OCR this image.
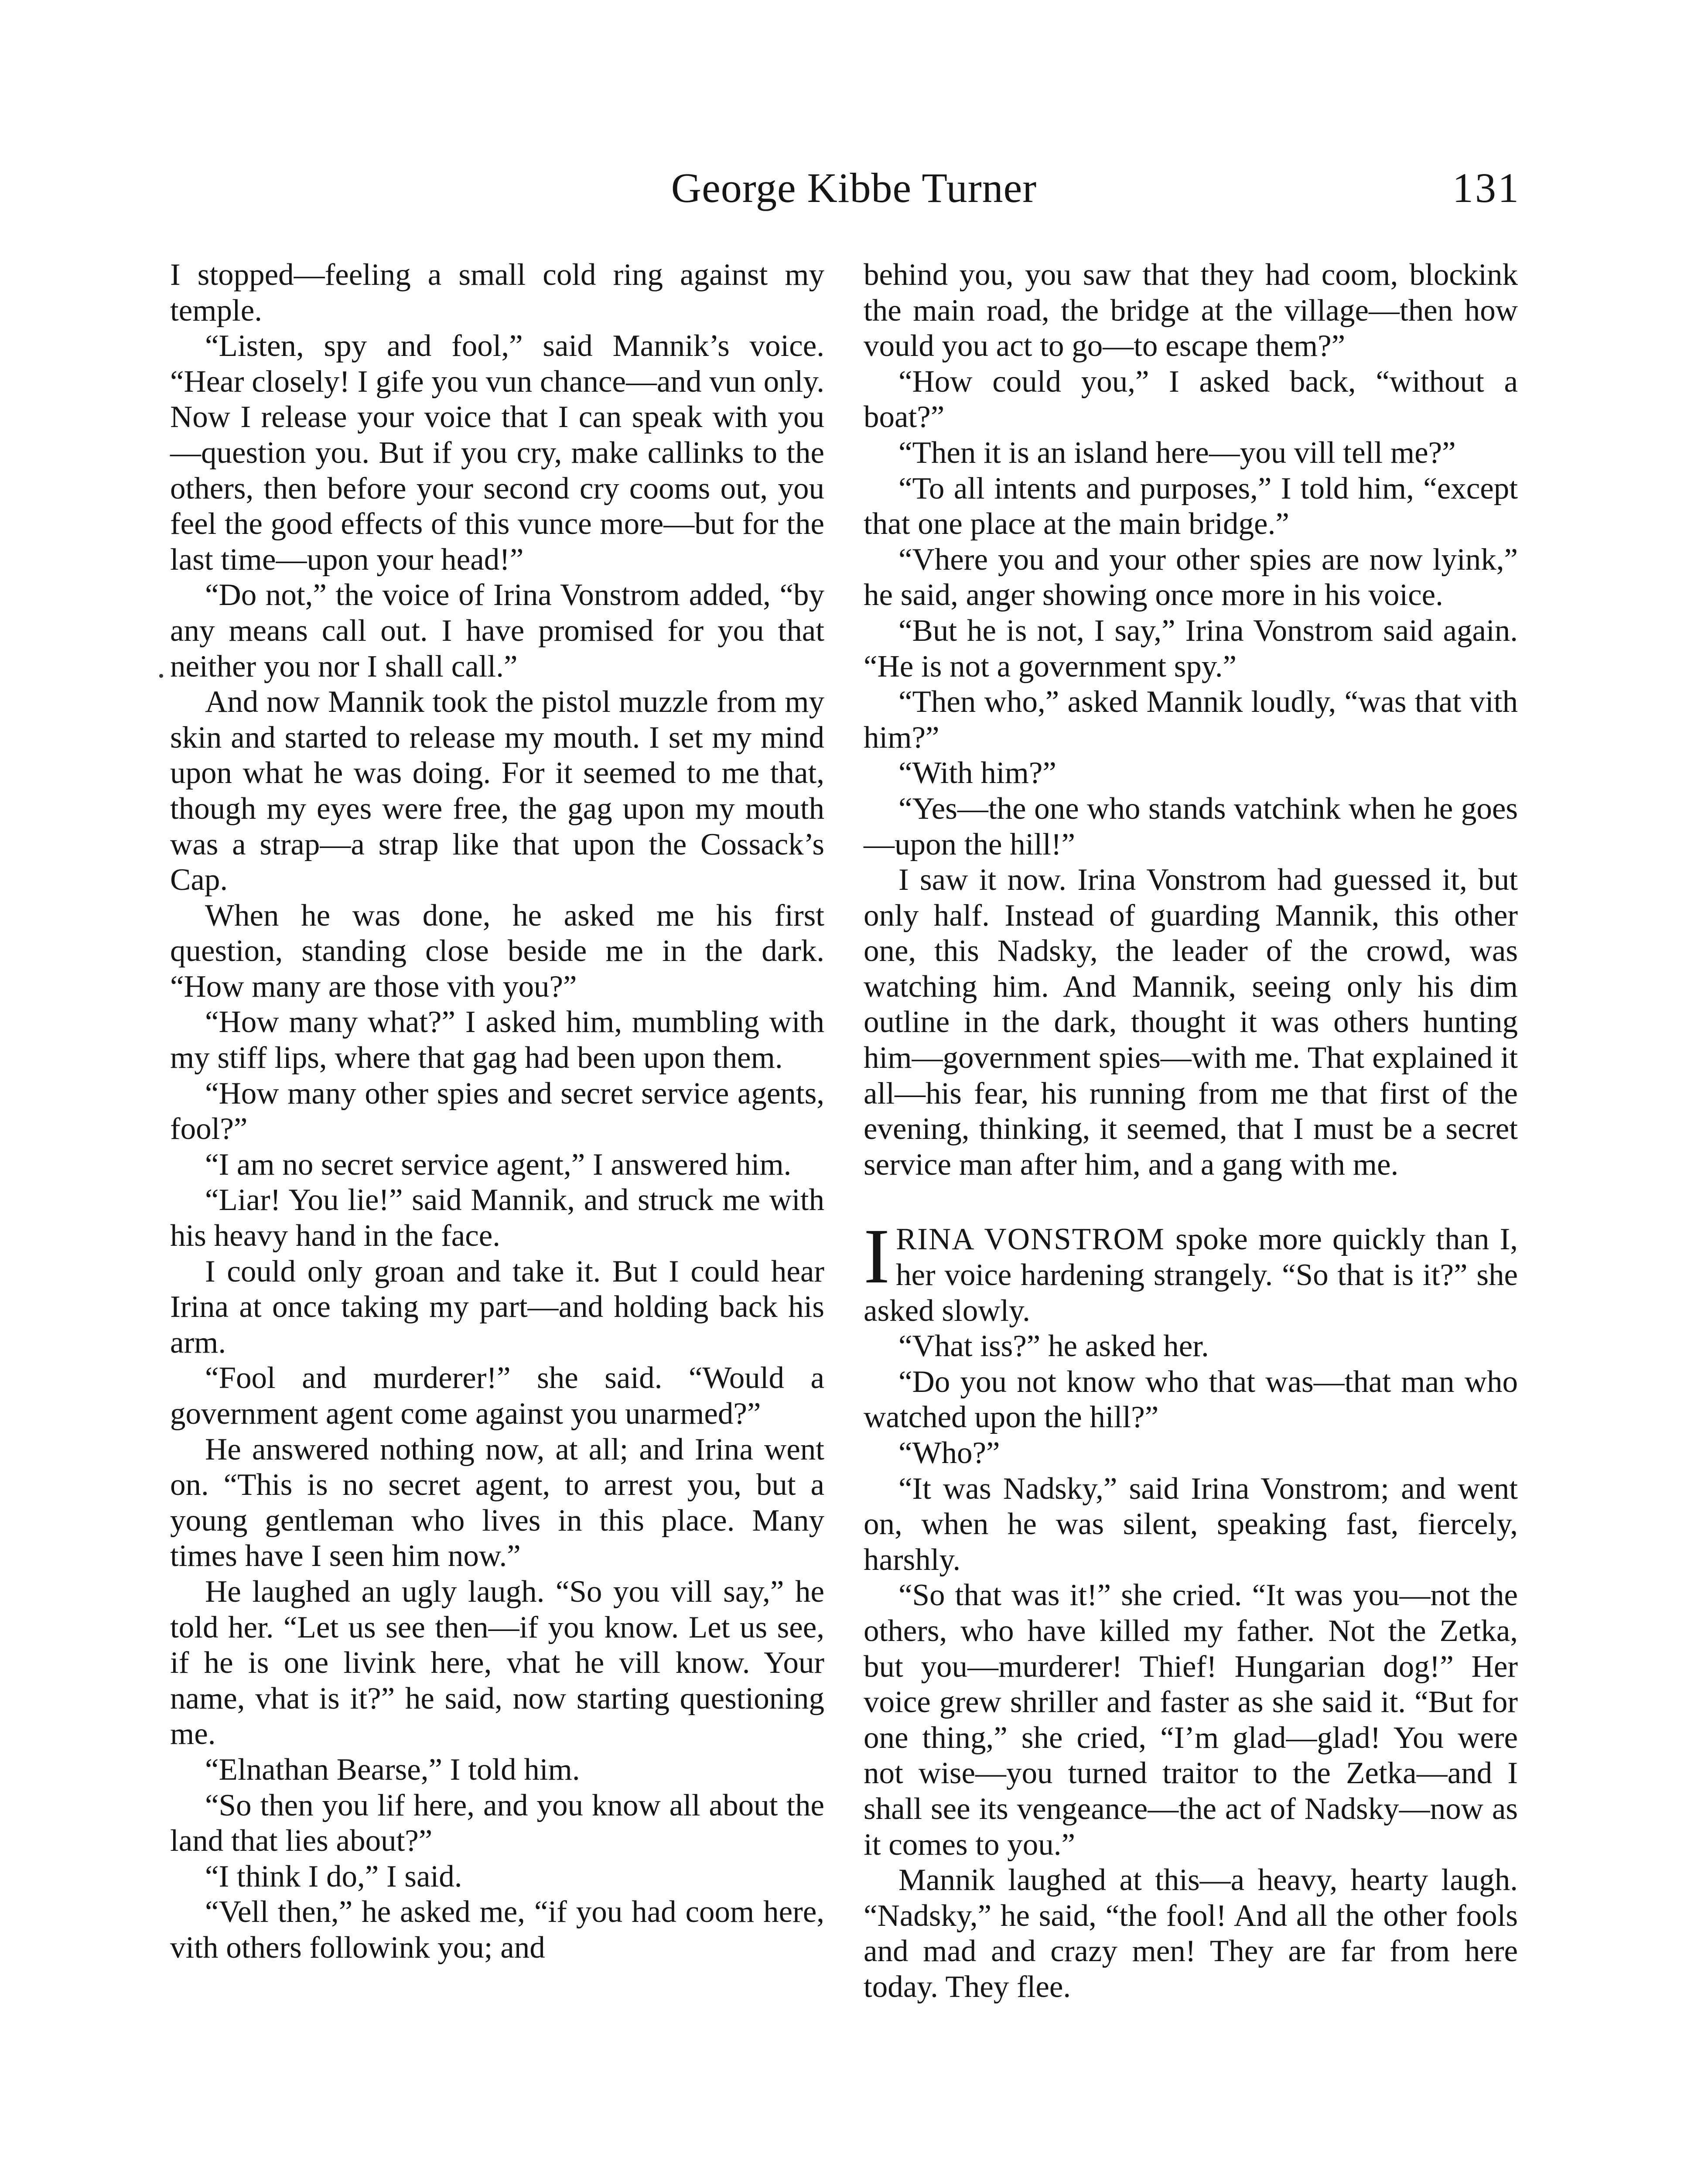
George Kibbe Turner	131

I stopped—feeling a small cold ring against my temple.

“Listen, spy and fool,” said Mannik’s voice. “Hear closely! I gife you vun chance—and vun only. Now I release your voice that I can speak with you—question you. But if you cry, make callinks to the others, then before your second cry cooms out, you feel the good effects of this vunce more—but for the last time—upon your head!”

“Do not,” the voice of Irina Vonstrom added, “by any means call out. I have promised for you that neither you nor I shall call.”

And now Mannik took the pistol muzzle from my skin and started to release my mouth. I set my mind upon what he was doing. For it seemed to me that, though my eyes were free, the gag upon my mouth was a strap—a strap like that upon the Cossack’s Cap.

When he was done, he asked me his first question, standing close beside me in the dark. “How many are those vith you?”

“How many what?” I asked him, mumbling with my stiff lips, where that gag had been upon them.

“How many other spies and secret service agents, fool?”

“I am no secret service agent,” I answered him.

“Liar! You lie!” said Mannik, and struck me with his heavy hand in the face.

I could only groan and take it. But I could hear Irina at once taking my part—and holding back his arm.

“Fool and murderer!” she said. “Would a government agent come against you unarmed?”

He answered nothing now, at all; and Irina went on. “This is no secret agent, to arrest you, but a young gentleman who lives in this place. Many times have I seen him now.”

He laughed an ugly laugh. “So you vill say,” he told her. “Let us see then—if you know. Let us see, if he is one livink here, vhat he vill know. Your name, vhat is it?” he said, now starting questioning me.

“Elnathan Bearse,” I told him.

“So then you lif here, and you know all about the land that lies about?”

“I think I do,” I said.

“Vell then,” he asked me, “if you had coom here, vith others followink you; and

behind you, you saw that they had coom, blockink the main road, the bridge at the village—then how vould you act to go—to escape them?”

“How could you,” I asked back, “without a boat?”

“Then it is an island here—you vill tell me?”

“To all intents and purposes,” I told him, “except that one place at the main bridge.”

“Vhere you and your other spies are now lyink,” he said, anger showing once more in his voice.

“But he is not, I say,” Irina Vonstrom said again. “He is not a government spy.”

“Then who,” asked Mannik loudly, “was that vith him?”

“With him?”

“Yes—the one who stands vatchink when he goes—upon the hill!”

I saw it now. Irina Vonstrom had guessed it, but only half. Instead of guarding Mannik, this other one, this Nadsky, the leader of the crowd, was watching him. And Mannik, seeing only his dim outline in the dark, thought it was others hunting him—government spies—with me. That explained it all—his fear, his running from me that first of the evening, thinking, it seemed, that I must be a secret service man after him, and a gang with me.

IRINA VONSTROM spoke more quickly than I, her voice hardening strangely. “So that is it?” she asked slowly.

“Vhat iss?” he asked her.

“Do you not know who that was—that man who watched upon the hill?”

“Who?”

“It was Nadsky,” said Irina Vonstrom; and went on, when he was silent, speaking fast, fiercely, harshly.

“So that was it!” she cried. “It was you—not the others, who have killed my father. Not the Zetka, but you—murderer! Thief! Hungarian dog!” Her voice grew shriller and faster as she said it. “But for one thing,” she cried, “I’m glad—glad! You were not wise—you turned traitor to the Zetka—and I shall see its vengeance—the act of Nadsky—now as it comes to you.”

Mannik laughed at this—a heavy, hearty laugh. “Nadsky,” he said, “the fool! And all the other fools and mad and crazy men! They are far from here today. They flee.
